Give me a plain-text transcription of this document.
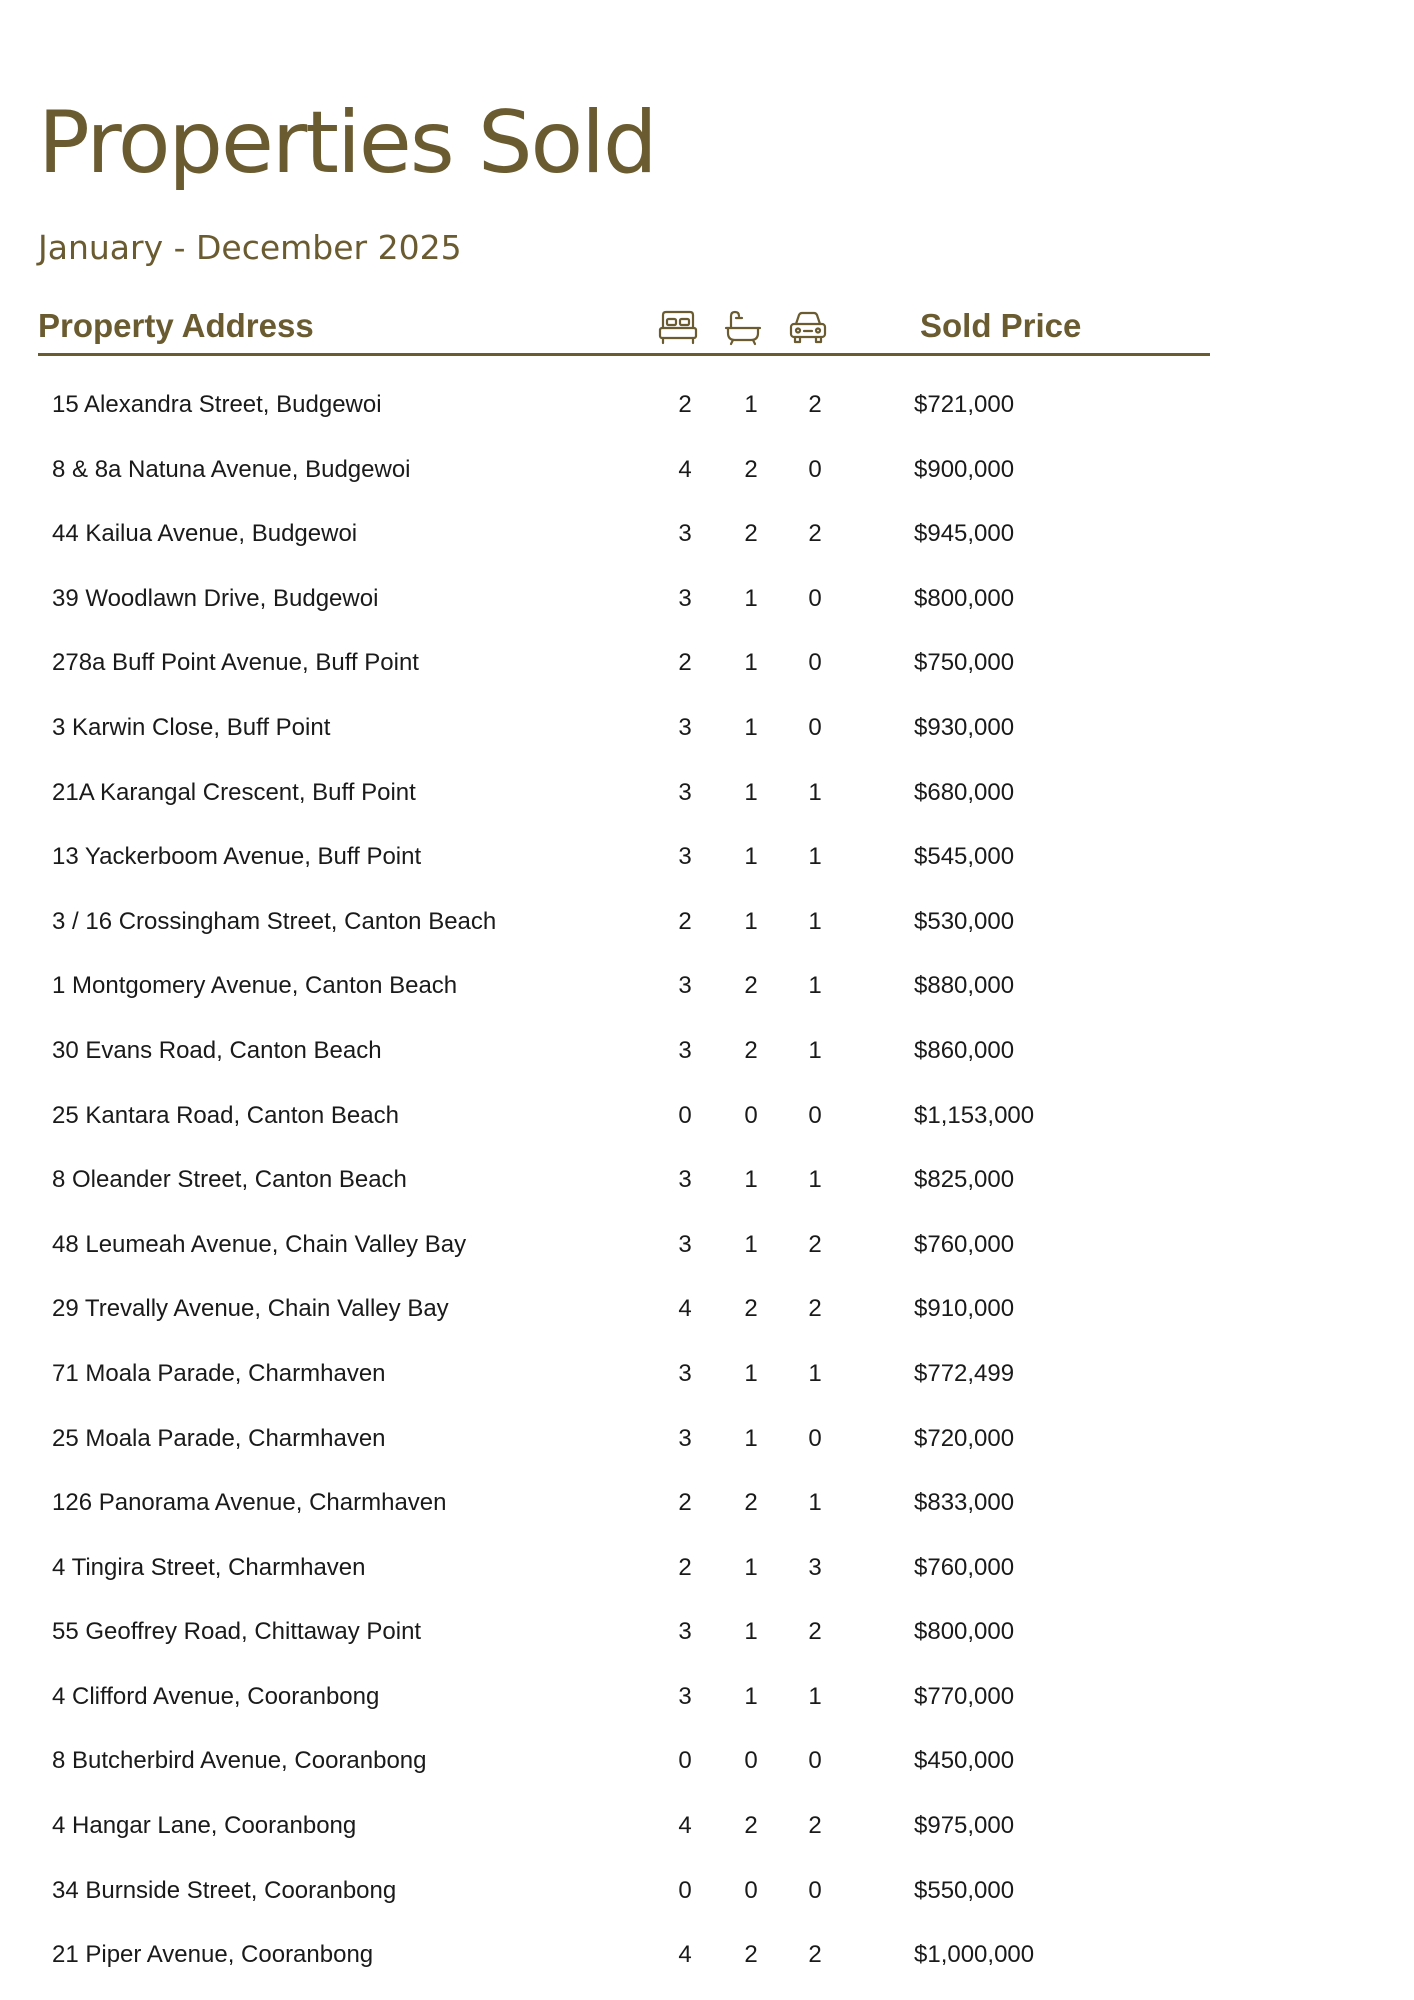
Properties Sold
January - December 2025
Property Address	Sold Price
15 Alexandra Street, Budgewoi	2	1	2	$721,000
8 & 8a Natuna Avenue, Budgewoi	4	2	0	$900,000
44 Kailua Avenue, Budgewoi	3	2	2	$945,000
39 Woodlawn Drive, Budgewoi	3	1	0	$800,000
278a Buff Point Avenue, Buff Point	2	1	0	$750,000
3 Karwin Close, Buff Point	3	1	0	$930,000
21A Karangal Crescent, Buff Point	3	1	1	$680,000
13 Yackerboom Avenue, Buff Point	3	1	1	$545,000
3 / 16 Crossingham Street, Canton Beach	2	1	1	$530,000
1 Montgomery Avenue, Canton Beach	3	2	1	$880,000
30 Evans Road, Canton Beach	3	2	1	$860,000
25 Kantara Road, Canton Beach	0	0	0	$1,153,000
8 Oleander Street, Canton Beach	3	1	1	$825,000
48 Leumeah Avenue, Chain Valley Bay	3	1	2	$760,000
29 Trevally Avenue, Chain Valley Bay	4	2	2	$910,000
71 Moala Parade, Charmhaven	3	1	1	$772,499
25 Moala Parade, Charmhaven	3	1	0	$720,000
126 Panorama Avenue, Charmhaven	2	2	1	$833,000
4 Tingira Street, Charmhaven	2	1	3	$760,000
55 Geoffrey Road, Chittaway Point	3	1	2	$800,000
4 Clifford Avenue, Cooranbong	3	1	1	$770,000
8 Butcherbird Avenue, Cooranbong	0	0	0	$450,000
4 Hangar Lane, Cooranbong	4	2	2	$975,000
34 Burnside Street, Cooranbong	0	0	0	$550,000
21 Piper Avenue, Cooranbong	4	2	2	$1,000,000
